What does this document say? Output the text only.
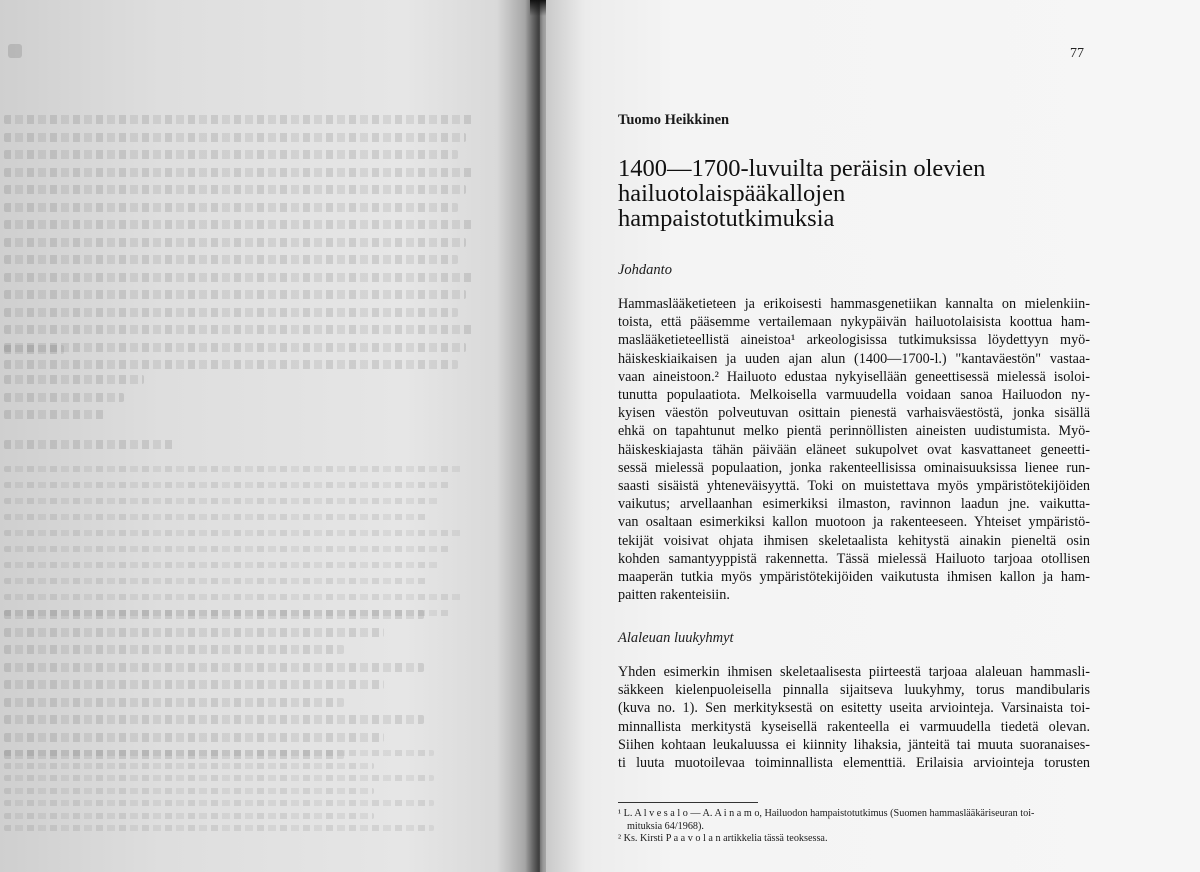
77
Tuomo Heikkinen
1400—1700-luvuilta peräisin olevien
hailuotolaispääkallojen
hampaistotutkimuksia
Johdanto
Hammaslääketieteen ja erikoisesti hammasgenetiikan kannalta on mielenkiin-
toista, että pääsemme vertailemaan nykypäivän hailuotolaisista koottua ham-
maslääketieteellistä aineistoa¹ arkeologisissa tutkimuksissa löydettyyn myö-
häiskeskiaikaisen ja uuden ajan alun (1400—1700-l.) "kantaväestön" vastaa-
vaan aineistoon.² Hailuoto edustaa nykyisellään geneettisessä mielessä isoloi-
tunutta populaatiota. Melkoisella varmuudella voidaan sanoa Hailuodon ny-
kyisen väestön polveutuvan osittain pienestä varhaisväestöstä, jonka sisällä
ehkä on tapahtunut melko pientä perinnöllisten aineisten uudistumista. Myö-
häiskeskiajasta tähän päivään eläneet sukupolvet ovat kasvattaneet geneetti-
sessä mielessä populaation, jonka rakenteellisissa ominaisuuksissa lienee run-
saasti sisäistä yhteneväisyyttä. Toki on muistettava myös ympäristötekijöiden
vaikutus; arvellaanhan esimerkiksi ilmaston, ravinnon laadun jne. vaikutta-
van osaltaan esimerkiksi kallon muotoon ja rakenteeseen. Yhteiset ympäristö-
tekijät voisivat ohjata ihmisen skeletaalista kehitystä ainakin pieneltä osin
kohden samantyyppistä rakennetta. Tässä mielessä Hailuoto tarjoaa otollisen
maaperän tutkia myös ympäristötekijöiden vaikutusta ihmisen kallon ja ham-
paitten rakenteisiin.
Alaleuan luukyhmyt
Yhden esimerkin ihmisen skeletaalisesta piirteestä tarjoaa alaleuan hammasli-
säkkeen kielenpuoleisella pinnalla sijaitseva luukyhmy, torus mandibularis
(kuva no. 1). Sen merkityksestä on esitetty useita arviointeja. Varsinaista toi-
minnallista merkitystä kyseisellä rakenteella ei varmuudella tiedetä olevan.
Siihen kohtaan leukaluussa ei kiinnity lihaksia, jänteitä tai muuta suoranaises-
ti luuta muotoilevaa toiminnallista elementtiä. Erilaisia arviointeja torusten
¹ L. A l v e s a l o — A. A i n a m o, Hailuodon hampaistotutkimus (Suomen hammaslääkäriseuran toi-
mituksia 64/1968).
² Ks. Kirsti P a a v o l a n artikkelia tässä teoksessa.
